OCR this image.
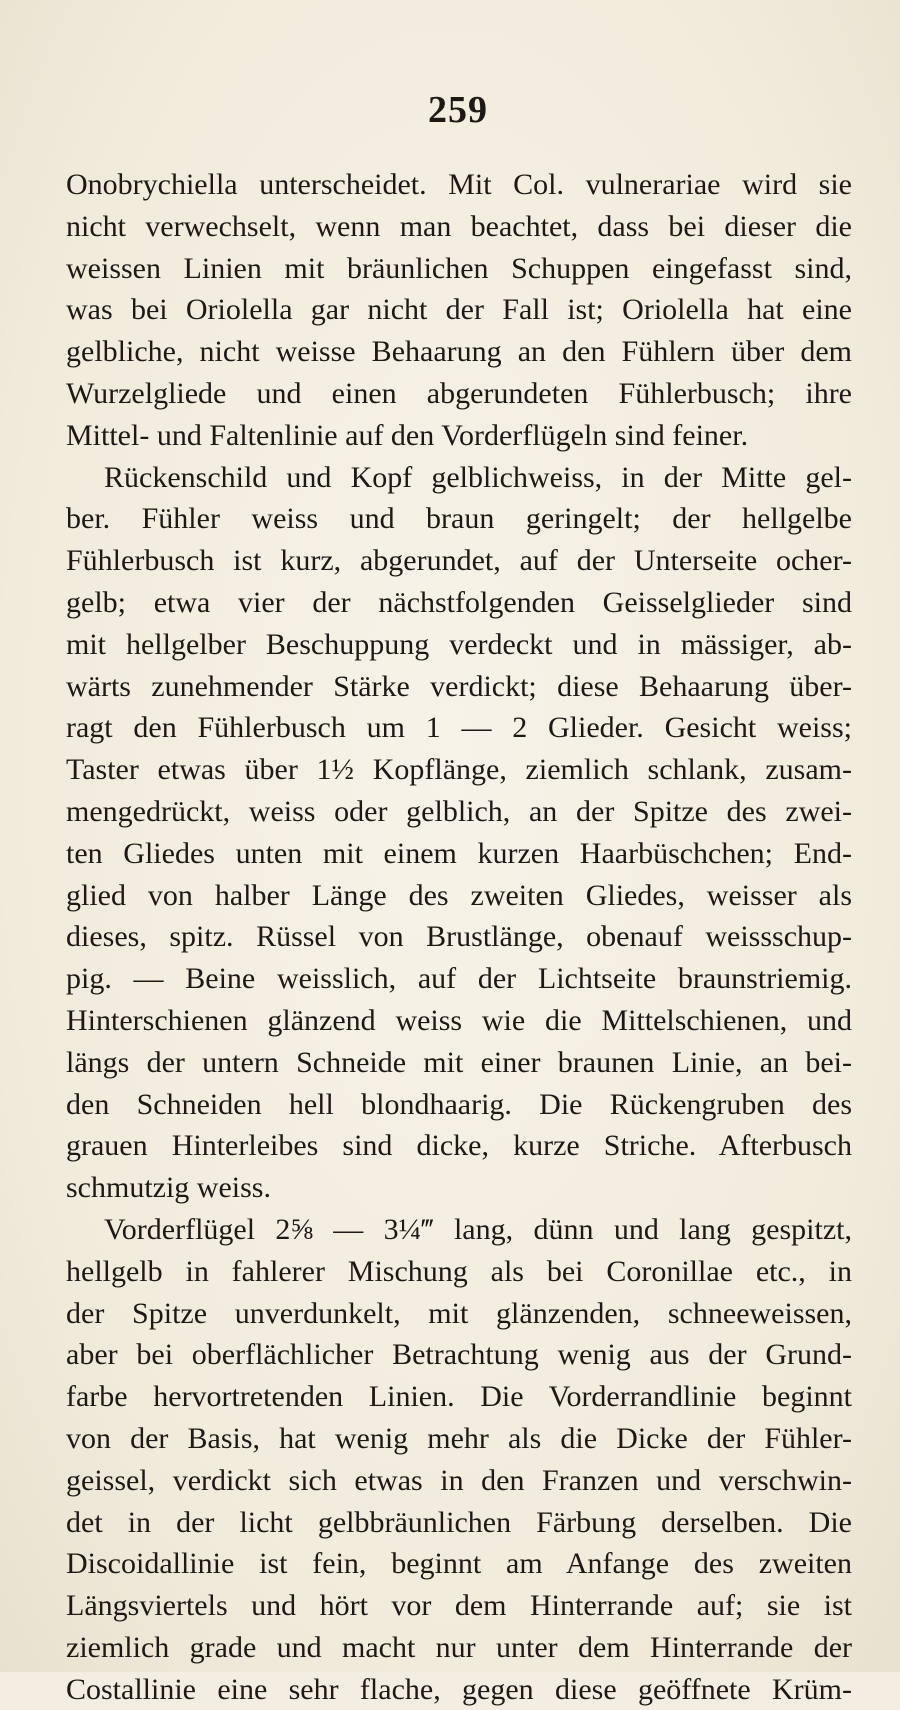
259
Onobrychiella unterscheidet. Mit Col. vulnerariae wird sie
nicht verwechselt, wenn man beachtet, dass bei dieser die
weissen Linien mit bräunlichen Schuppen eingefasst sind,
was bei Oriolella gar nicht der Fall ist; Oriolella hat eine
gelbliche, nicht weisse Behaarung an den Fühlern über dem
Wurzelgliede und einen abgerundeten Fühlerbusch; ihre
Mittel- und Faltenlinie auf den Vorderflügeln sind feiner.
Rückenschild und Kopf gelblichweiss, in der Mitte gel-
ber. Fühler weiss und braun geringelt; der hellgelbe
Fühlerbusch ist kurz, abgerundet, auf der Unterseite ocher-
gelb; etwa vier der nächstfolgenden Geisselglieder sind
mit hellgelber Beschuppung verdeckt und in mässiger, ab-
wärts zunehmender Stärke verdickt; diese Behaarung über-
ragt den Fühlerbusch um 1 — 2 Glieder. Gesicht weiss;
Taster etwas über 1½ Kopflänge, ziemlich schlank, zusam-
mengedrückt, weiss oder gelblich, an der Spitze des zwei-
ten Gliedes unten mit einem kurzen Haarbüschchen; End-
glied von halber Länge des zweiten Gliedes, weisser als
dieses, spitz. Rüssel von Brustlänge, obenauf weissschup-
pig. — Beine weisslich, auf der Lichtseite braunstriemig.
Hinterschienen glänzend weiss wie die Mittelschienen, und
längs der untern Schneide mit einer braunen Linie, an bei-
den Schneiden hell blondhaarig. Die Rückengruben des
grauen Hinterleibes sind dicke, kurze Striche. Afterbusch
schmutzig weiss.
Vorderflügel 2⅝ — 3¼‴ lang, dünn und lang gespitzt,
hellgelb in fahlerer Mischung als bei Coronillae etc., in
der Spitze unverdunkelt, mit glänzenden, schneeweissen,
aber bei oberflächlicher Betrachtung wenig aus der Grund-
farbe hervortretenden Linien. Die Vorderrandlinie beginnt
von der Basis, hat wenig mehr als die Dicke der Fühler-
geissel, verdickt sich etwas in den Franzen und verschwin-
det in der licht gelbbräunlichen Färbung derselben. Die
Discoidallinie ist fein, beginnt am Anfange des zweiten
Längsviertels und hört vor dem Hinterrande auf; sie ist
ziemlich grade und macht nur unter dem Hinterrande der
Costallinie eine sehr flache, gegen diese geöffnete Krüm-
